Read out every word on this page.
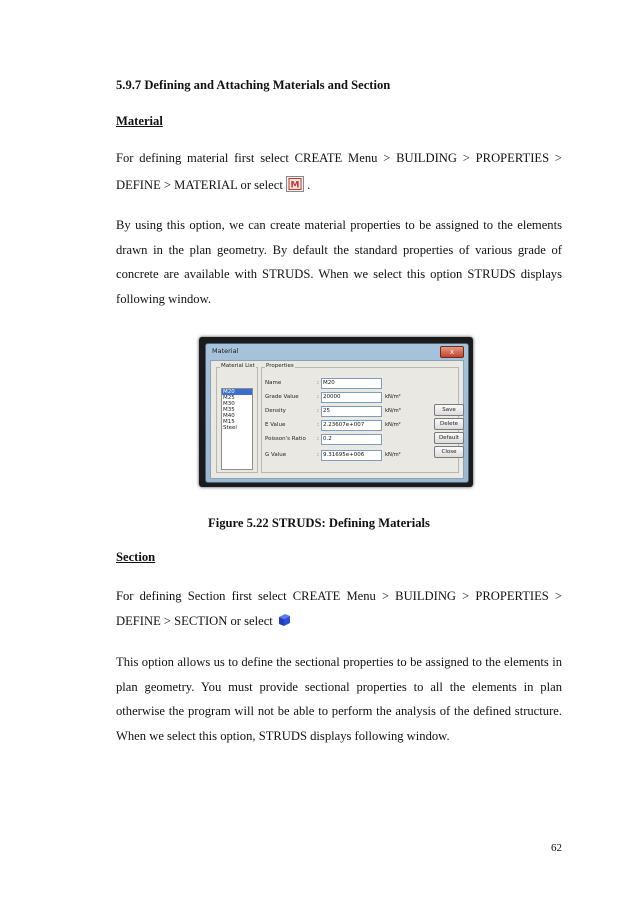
5.9.7 Defining and Attaching Materials and Section
Material
For defining material first select CREATE Menu > BUILDING > PROPERTIES >
DEFINE > MATERIAL or select M .
By using this option, we can create material properties to be assigned to the elements drawn in the plan geometry. By default the standard properties of various grade of concrete are available with STRUDS. When we select this option STRUDS displays following window.
Material	x
Material List
M20
M25
M30
M35
M40
M15
Steel
Properties
Name	: M20
Grade Value	: 20000	kN/m²
Density	: 25	kN/m³
E Value	: 2.23607e+007	kN/m²
Poisson's Ratio : 0.2
G Value	: 9.31695e+006	kN/m²
Save
Delete
Default
Close
Figure 5.22 STRUDS: Defining Materials
Section
For defining Section first select CREATE Menu > BUILDING > PROPERTIES >
DEFINE > SECTION or select
This option allows us to define the sectional properties to be assigned to the elements in plan geometry. You must provide sectional properties to all the elements in plan otherwise the program will not be able to perform the analysis of the defined structure. When we select this option, STRUDS displays following window.
62
